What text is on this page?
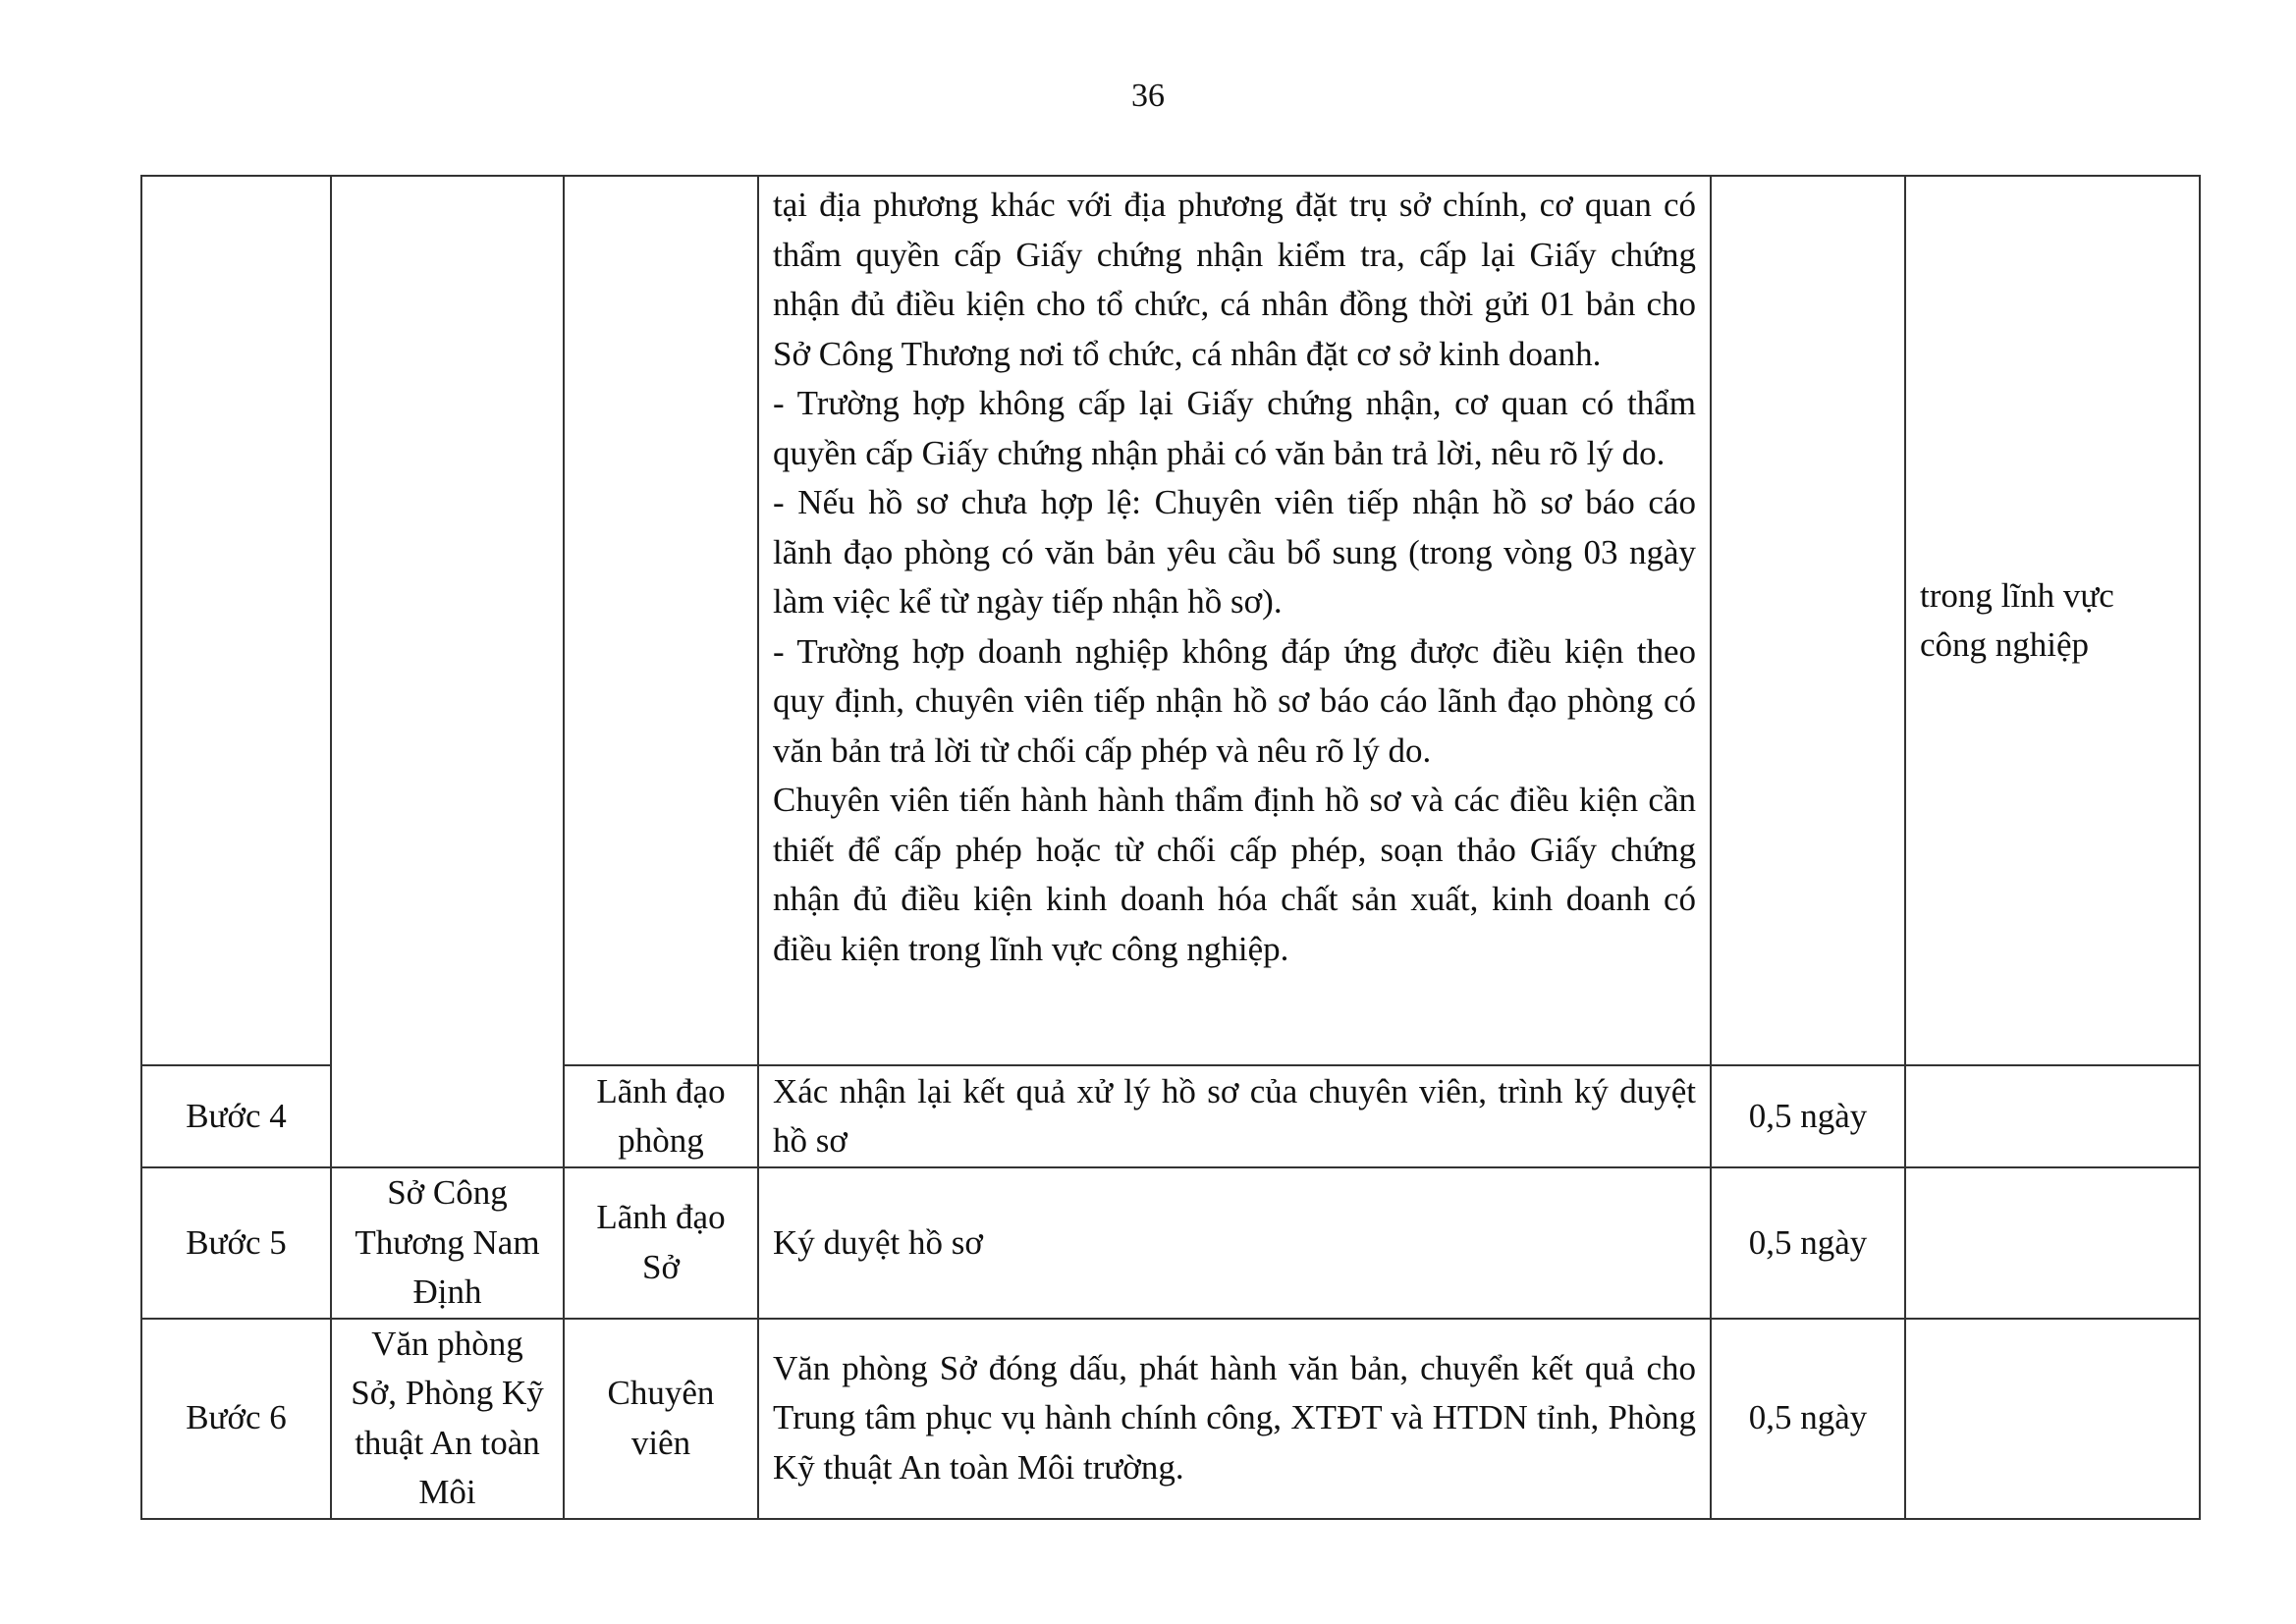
36

			tại địa phương khác với địa phương đặt trụ sở chính, cơ quan có thẩm quyền cấp Giấy chứng nhận kiểm tra, cấp lại Giấy chứng nhận đủ điều kiện cho tổ chức, cá nhân đồng thời gửi 01 bản cho Sở Công Thương nơi tổ chức, cá nhân đặt cơ sở kinh doanh.

- Trường hợp không cấp lại Giấy chứng nhận, cơ quan có thẩm quyền cấp Giấy chứng nhận phải có văn bản trả lời, nêu rõ lý do.

- Nếu hồ sơ chưa hợp lệ: Chuyên viên tiếp nhận hồ sơ báo cáo lãnh đạo phòng có văn bản yêu cầu bổ sung (trong vòng 03 ngày làm việc kể từ ngày tiếp nhận hồ sơ).

- Trường hợp doanh nghiệp không đáp ứng được điều kiện theo quy định, chuyên viên tiếp nhận hồ sơ báo cáo lãnh đạo phòng có văn bản trả lời từ chối cấp phép và nêu rõ lý do.

Chuyên viên tiến hành hành thẩm định hồ sơ và các điều kiện cần thiết để cấp phép hoặc từ chối cấp phép, soạn thảo Giấy chứng nhận đủ điều kiện kinh doanh hóa chất sản xuất, kinh doanh có điều kiện trong lĩnh vực công nghiệp.		trong lĩnh vực công nghiệp
Bước 4		Lãnh đạo phòng	Xác nhận lại kết quả xử lý hồ sơ của chuyên viên, trình ký duyệt hồ sơ	0,5 ngày	
Bước 5	Sở Công Thương Nam Định	Lãnh đạo Sở	Ký duyệt hồ sơ	0,5 ngày	
Bước 6	Văn phòng Sở, Phòng Kỹ thuật An toàn Môi	Chuyên viên	Văn phòng Sở đóng dấu, phát hành văn bản, chuyển kết quả cho Trung tâm phục vụ hành chính công, XTĐT và HTDN tỉnh, Phòng Kỹ thuật An toàn Môi trường.	0,5 ngày	
